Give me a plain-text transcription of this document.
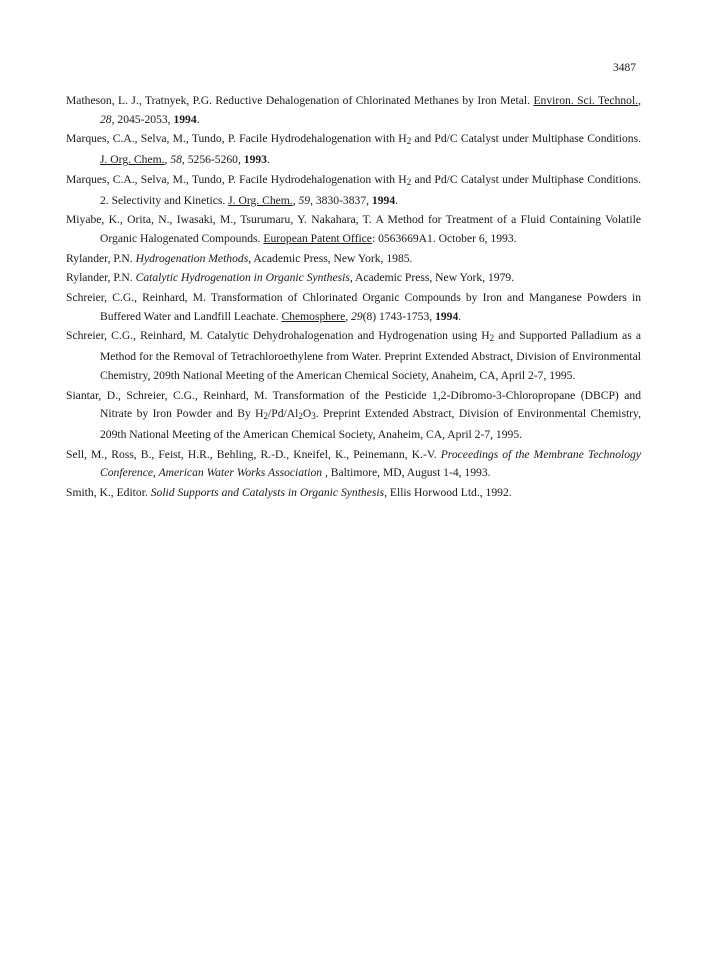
3487

Matheson, L. J., Tratnyek, P.G. Reductive Dehalogenation of Chlorinated Methanes by Iron Metal. Environ. Sci. Technol., 28, 2045-2053, 1994.

Marques, C.A., Selva, M., Tundo, P. Facile Hydrodehalogenation with $H_2$ and Pd/C Catalyst under Multiphase Conditions. J. Org. Chem., 58, 5256-5260, 1993.

Marques, C.A., Selva, M., Tundo, P. Facile Hydrodehalogenation with $H_2$ and Pd/C Catalyst under Multiphase Conditions. 2. Selectivity and Kinetics. J. Org. Chem., 59, 3830-3837, 1994.

Miyabe, K., Orita, N., Iwasaki, M., Tsurumaru, Y. Nakahara, T. A Method for Treatment of a Fluid Containing Volatile Organic Halogenated Compounds. European Patent Office: 0563669A1. October 6, 1993.

Rylander, P.N. Hydrogenation Methods, Academic Press, New York, 1985.

Rylander, P.N. Catalytic Hydrogenation in Organic Synthesis, Academic Press, New York, 1979.

Schreier, C.G., Reinhard, M. Transformation of Chlorinated Organic Compounds by Iron and Manganese Powders in Buffered Water and Landfill Leachate. Chemosphere, 29(8) 1743-1753, 1994.

Schreier, C.G., Reinhard, M. Catalytic Dehydrohalogenation and Hydrogenation using $H_2$ and Supported Palladium as a Method for the Removal of Tetrachloroethylene from Water. Preprint Extended Abstract, Division of Environmental Chemistry, 209th National Meeting of the American Chemical Society, Anaheim, CA, April 2-7, 1995.

Siantar, D., Schreier, C.G., Reinhard, M. Transformation of the Pesticide 1,2-Dibromo-3-Chloropropane (DBCP) and Nitrate by Iron Powder and By $H_2/Pd/Al_2O_3$. Preprint Extended Abstract, Division of Environmental Chemistry, 209th National Meeting of the American Chemical Society, Anaheim, CA, April 2-7, 1995.

Sell, M., Ross, B., Feist, H.R., Behling, R.-D., Kneifel, K., Peinemann, K.-V. Proceedings of the Membrane Technology Conference, American Water Works Association , Baltimore, MD, August 1-4, 1993.

Smith, K., Editor. Solid Supports and Catalysts in Organic Synthesis, Ellis Horwood Ltd., 1992.
